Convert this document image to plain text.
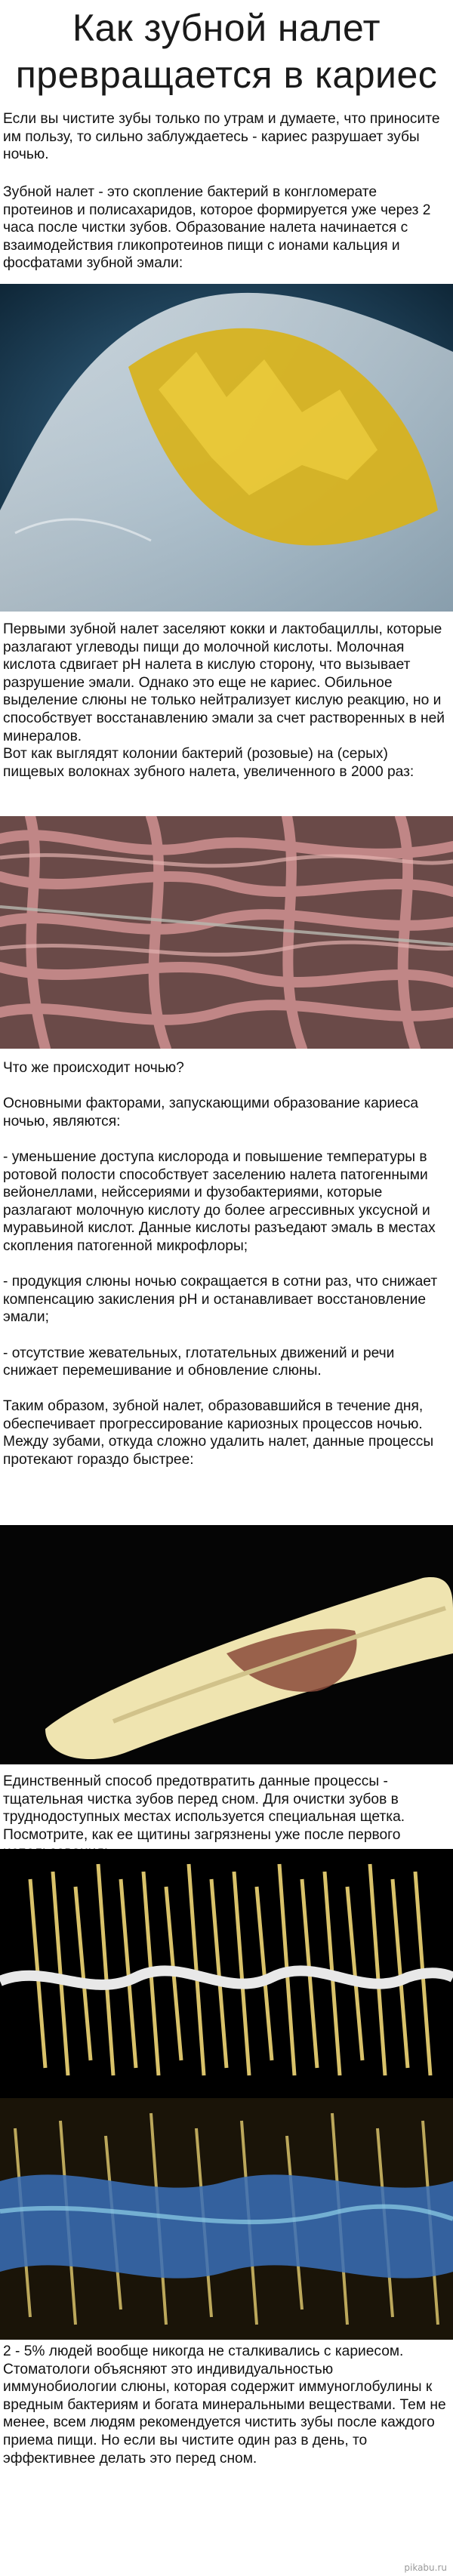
Как зубной налет превращается в кариес

Если вы чистите зубы только по утрам и думаете, что приносите им пользу, то сильно заблуждаетесь - кариес разрушает зубы ночью.

Зубной налет - это скопление бактерий в конгломерате протеинов и полисахаридов, которое формируется уже через 2 часа после чистки зубов. Образование налета начинается с взаимодействия гликопротеинов пищи с ионами кальция и фосфатами зубной эмали:

Первыми зубной налет заселяют кокки и лактобациллы, которые разлагают углеводы пищи до молочной кислоты. Молочная кислота сдвигает pH налета в кислую сторону, что вызывает разрушение эмали. Однако это еще не кариес. Обильное выделение слюны не только нейтрализует кислую реакцию, но и способствует восстанавлению эмали за счет растворенных в ней минералов.
Вот как выглядят колонии бактерий (розовые) на (серых) пищевых волокнах зубного налета, увеличенного в 2000 раз:

Что же происходит ночью?

Основными факторами, запускающими образование кариеса ночью, являются:

- уменьшение доступа кислорода и повышение температуры в ротовой полости способствует заселению налета патогенными вейонеллами, нейссериями и фузобактериями, которые разлагают молочную кислоту до более агрессивных уксусной и муравьиной кислот. Данные кислоты разъедают эмаль в местах скопления патогенной микрофлоры;

- продукция слюны ночью сокращается в сотни раз, что снижает компенсацию закисления pH и останавливает восстановление эмали;

- отсутствие жевательных, глотательных движений и речи снижает перемешивание и обновление слюны.

Таким образом, зубной налет, образовавшийся в течение дня, обеспечивает прогрессирование кариозных процессов ночью. Между зубами, откуда сложно удалить налет, данные процессы протекают гораздо быстрее:

Единственный способ предотвратить данные процессы - тщательная чистка зубов перед сном. Для очистки зубов в труднодоступных местах используется специальная щетка. Посмотрите, как ее щитины загрязнены уже после первого

2 - 5% людей вообще никогда не сталкивались с кариесом. Стоматологи объясняют это индивидуальностью иммунобиологии слюны, которая содержит иммуноглобулины к вредным бактериям и богата минеральными веществами. Тем не менее, всем людям рекомендуется чистить зубы после каждого приема пищи. Но если вы чистите один раз в день, то эффективнее делать это перед сном.

pikabu.ru
